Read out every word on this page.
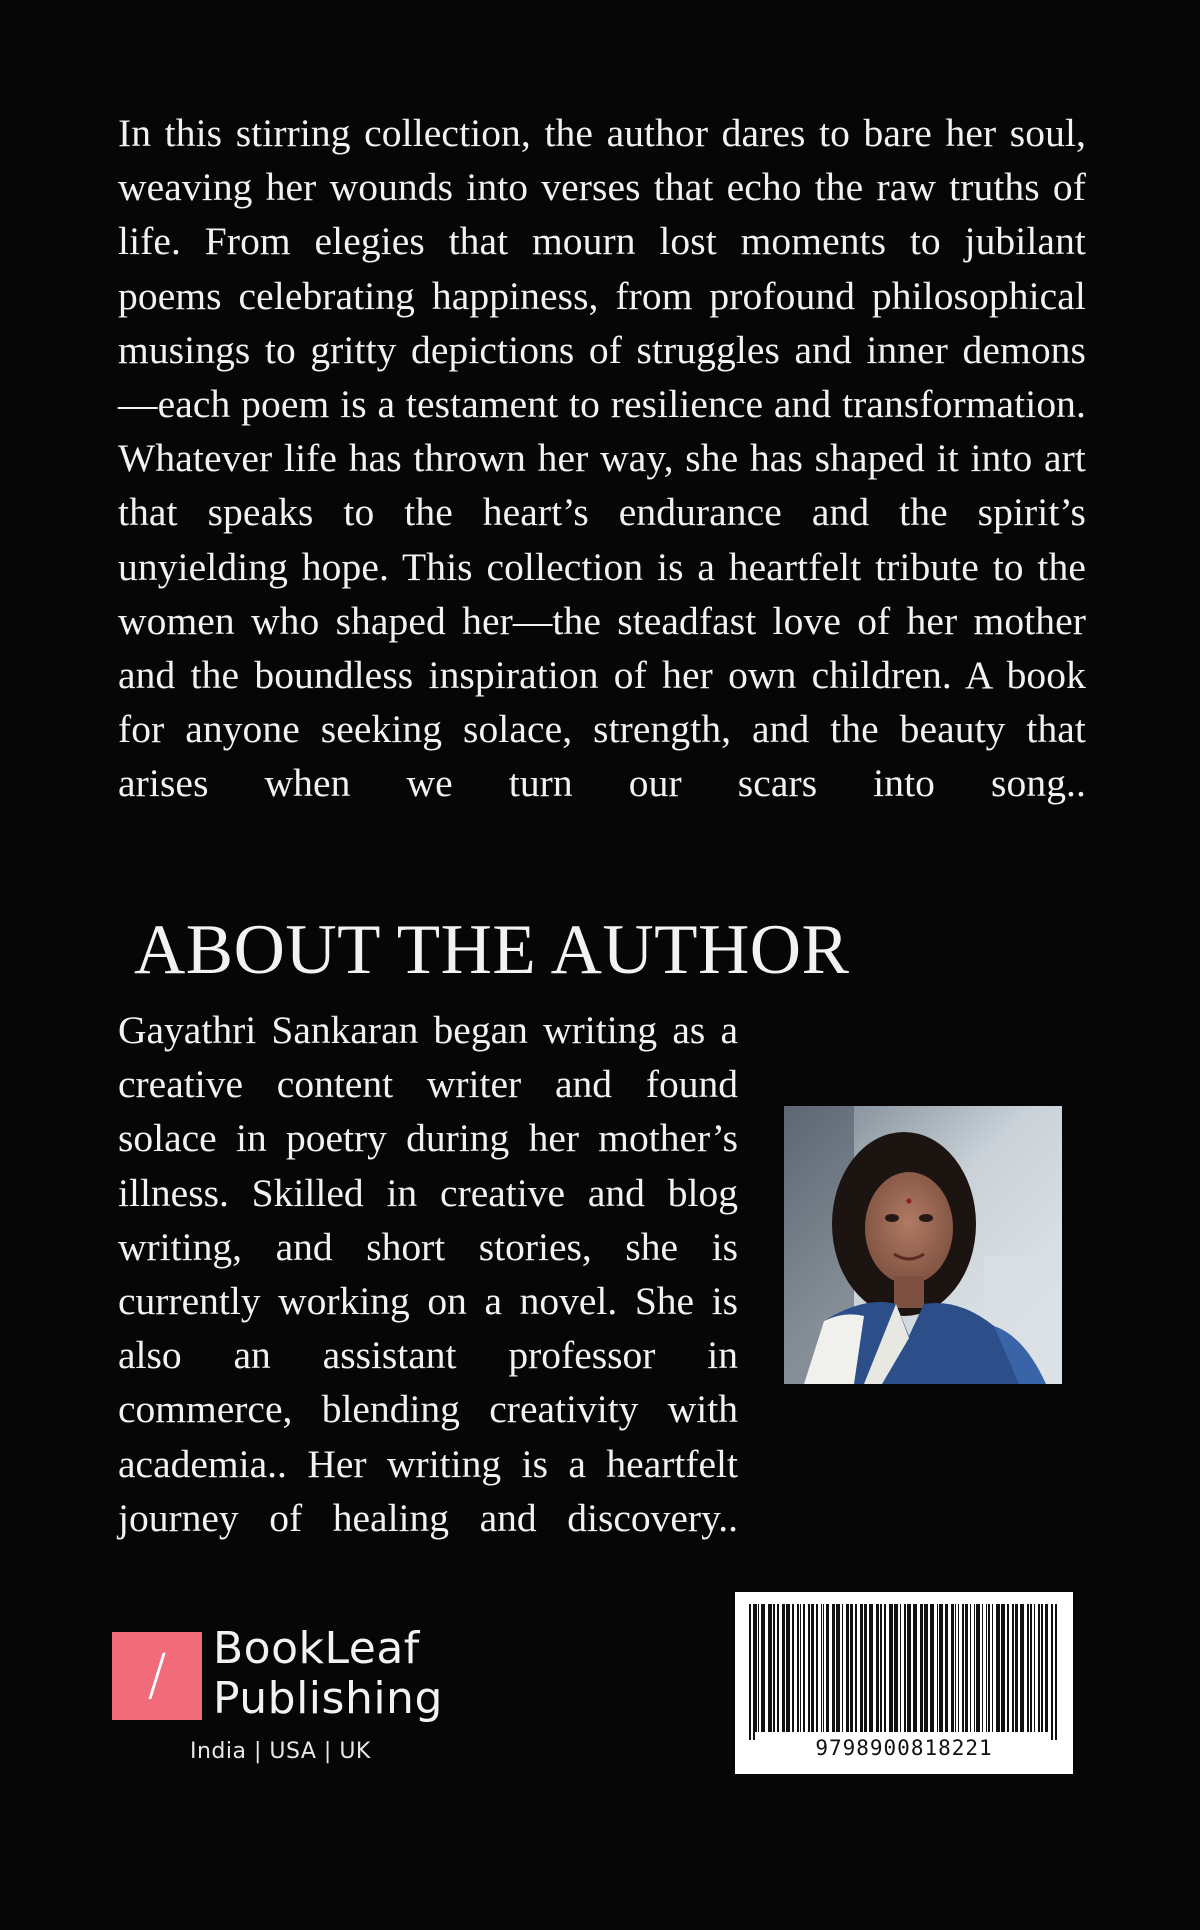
In this stirring collection, the author dares to bare her soul, weaving her wounds into verses that echo the raw truths of life. From elegies that mourn lost moments to jubilant poems celebrating happiness, from profound philosophical musings to gritty depictions of struggles and inner demons—each poem is a testament to resilience and transformation. Whatever life has thrown her way, she has shaped it into art that speaks to the heart’s endurance and the spirit’s unyielding hope. This collection is a heartfelt tribute to the women who shaped her—the steadfast love of her mother and the boundless inspiration of her own children. A book for anyone seeking solace, strength, and the beauty that arises when we turn our scars into song..

ABOUT THE AUTHOR

Gayathri Sankaran began writing as a creative content writer and found solace in poetry during her mother’s illness. Skilled in creative and blog writing, and short stories, she is currently working on a novel. She is also an assistant professor in commerce, blending creativity with academia.. Her writing is a heartfelt journey of healing and discovery..

/	BookLeaf
Publishing
India | USA | UK	9798900818221
